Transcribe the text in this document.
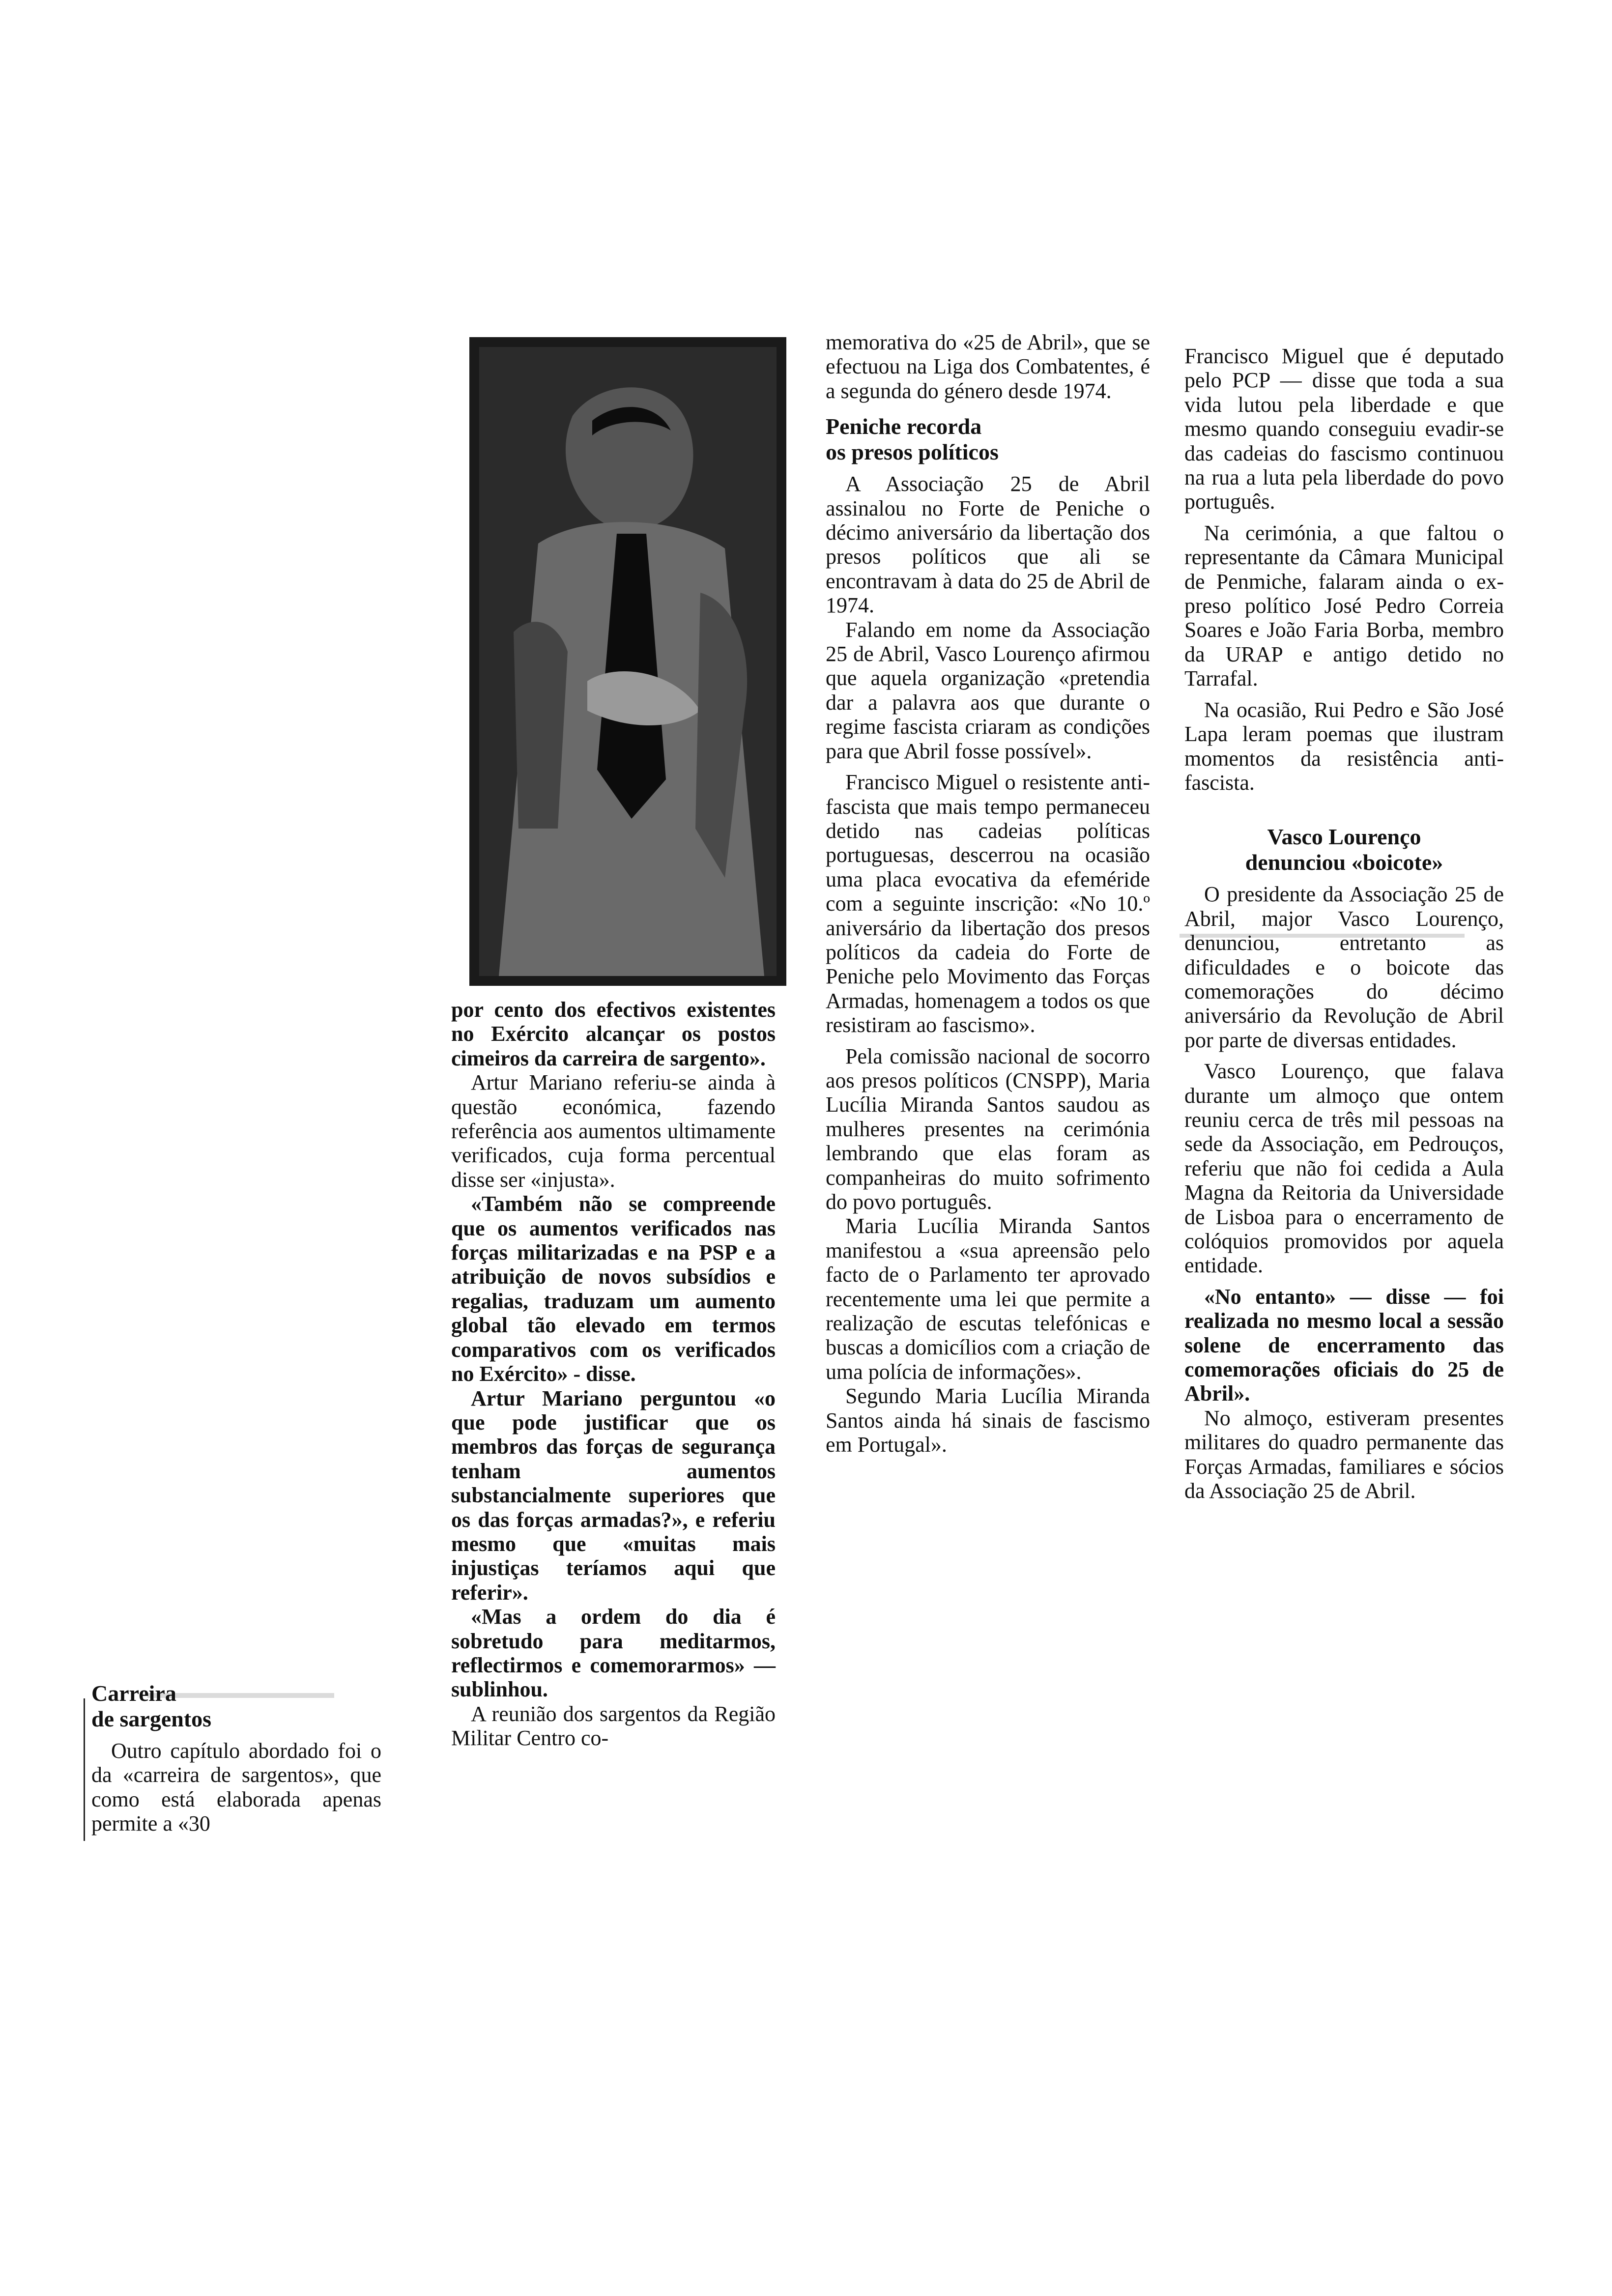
Carreira
de sargentos

Outro capítulo abordado foi o da «carreira de sargentos», que como está elaborada apenas permite a «30

por cento dos efectivos existentes no Exército alcançar os postos cimeiros da carreira de sargento».

Artur Mariano referiu-se ainda à questão económica, fazendo referência aos aumentos ultimamente verificados, cuja forma percentual disse ser «injusta».

«Também não se compreende que os aumentos verificados nas forças militarizadas e na PSP e a atribuição de novos subsídios e regalias, traduzam um aumento global tão elevado em termos comparativos com os verificados no Exército» - disse.

Artur Mariano perguntou «o que pode justificar que os membros das forças de segurança tenham aumentos substancialmente superiores que os das forças armadas?», e referiu mesmo que «muitas mais injustiças teríamos aqui que referir».

«Mas a ordem do dia é sobretudo para meditarmos, reflectirmos e comemorarmos» — sublinhou.

A reunião dos sargentos da Região Militar Centro co-

memorativa do «25 de Abril», que se efectuou na Liga dos Combatentes, é a segunda do género desde 1974.

Peniche recorda
os presos políticos

A Associação 25 de Abril assinalou no Forte de Peniche o décimo aniversário da libertação dos presos políticos que ali se encontravam à data do 25 de Abril de 1974.

Falando em nome da Associação 25 de Abril, Vasco Lourenço afirmou que aquela organização «pretendia dar a palavra aos que durante o regime fascista criaram as condições para que Abril fosse possível».

Francisco Miguel o resistente anti-fascista que mais tempo permaneceu detido nas cadeias políticas portuguesas, descerrou na ocasião uma placa evocativa da efeméride com a seguinte inscrição: «No 10.º aniversário da libertação dos presos políticos da cadeia do Forte de Peniche pelo Movimento das Forças Armadas, homenagem a todos os que resistiram ao fascismo».

Pela comissão nacional de socorro aos presos políticos (CNSPP), Maria Lucília Miranda Santos saudou as mulheres presentes na cerimónia lembrando que elas foram as companheiras do muito sofrimento do povo português.

Maria Lucília Miranda Santos manifestou a «sua apreensão pelo facto de o Parlamento ter aprovado recentemente uma lei que permite a realização de escutas telefónicas e buscas a domicílios com a criação de uma polícia de informações».

Segundo Maria Lucília Miranda Santos ainda há sinais de fascismo em Portugal».

Francisco Miguel que é deputado pelo PCP — disse que toda a sua vida lutou pela liberdade e que mesmo quando conseguiu evadir-se das cadeias do fascismo continuou na rua a luta pela liberdade do povo português.

Na cerimónia, a que faltou o representante da Câmara Municipal de Penmiche, falaram ainda o ex-preso político José Pedro Correia Soares e João Faria Borba, membro da URAP e antigo detido no Tarrafal.

Na ocasião, Rui Pedro e São José Lapa leram poemas que ilustram momentos da resistência anti-fascista.

Vasco Lourenço
denunciou «boicote»

O presidente da Associação 25 de Abril, major Vasco Lourenço, denunciou, entretanto as dificuldades e o boicote das comemorações do décimo aniversário da Revolução de Abril por parte de diversas entidades.

Vasco Lourenço, que falava durante um almoço que ontem reuniu cerca de três mil pessoas na sede da Associação, em Pedrouços, referiu que não foi cedida a Aula Magna da Reitoria da Universidade de Lisboa para o encerramento de colóquios promovidos por aquela entidade.

«No entanto» — disse — foi realizada no mesmo local a sessão solene de encerramento das comemorações oficiais do 25 de Abril».

No almoço, estiveram presentes militares do quadro permanente das Forças Armadas, familiares e sócios da Associação 25 de Abril.
